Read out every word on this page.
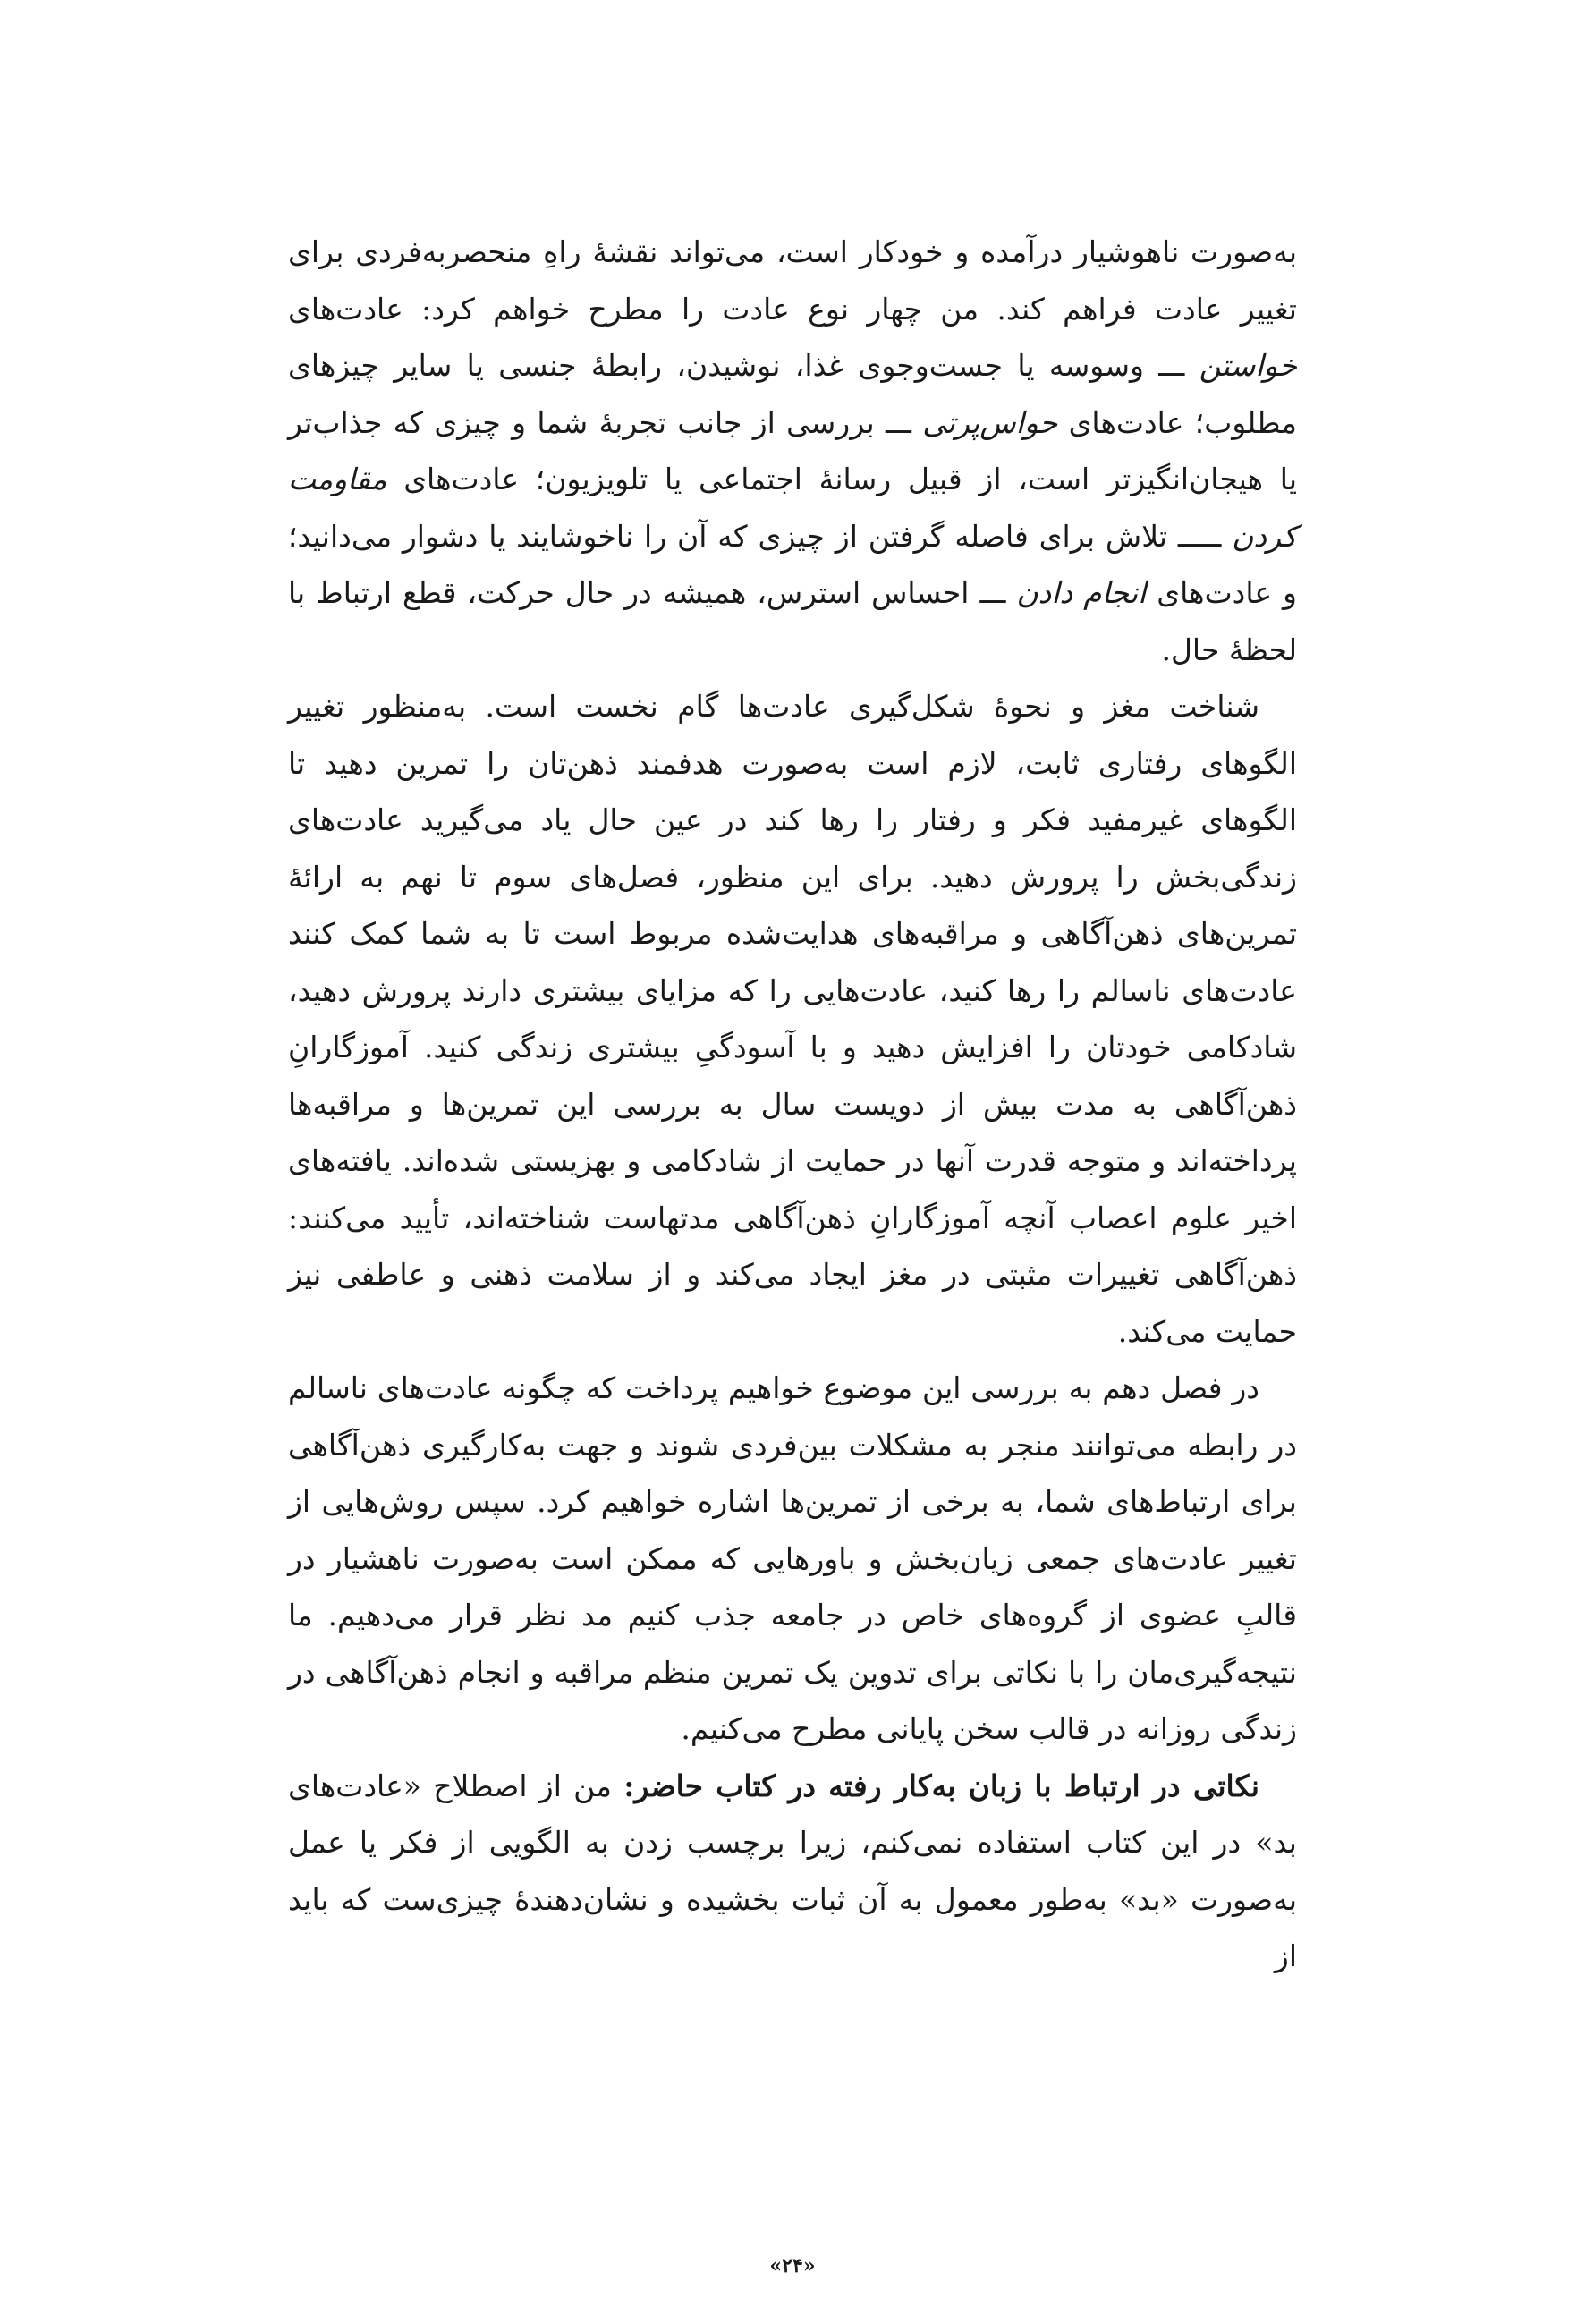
به‌صورت ناهوشیار درآمده و خودکار است، می‌تواند نقشهٔ راهِ منحصربه‌فردی برای تغییر عادت فراهم کند. من چهار نوع عادت را مطرح خواهم کرد: عادت‌های خواستن ـــ وسوسه یا جست‌وجوی غذا، نوشیدن، رابطهٔ جنسی یا سایر چیزهای مطلوب؛ عادت‌های حواس‌پرتی ـــ بررسی از جانب تجربهٔ شما و چیزی که جذاب‌تر یا هیجان‌انگیزتر است، از قبیل رسانهٔ اجتماعی یا تلویزیون؛ عادت‌های مقاومت کردن ـــــ تلاش برای فاصله گرفتن از چیزی که آن را ناخوشایند یا دشوار می‌دانید؛ و عادت‌های انجام دادن ـــ احساس استرس، همیشه در حال حرکت، قطع ارتباط با لحظهٔ حال.

شناخت مغز و نحوهٔ شکل‌گیری عادت‌ها گام نخست است. به‌منظور تغییر الگوهای رفتاری ثابت، لازم است به‌صورت هدفمند ذهن‌تان را تمرین دهید تا الگوهای غیرمفید فکر و رفتار را رها کند در عین حال یاد می‌گیرید عادت‌های زندگی‌بخش را پرورش دهید. برای این منظور، فصل‌های سوم تا نهم به ارائهٔ تمرین‌های ذهن‌آگاهی و مراقبه‌های هدایت‌شده مربوط است تا به شما کمک کنند عادت‌های ناسالم را رها کنید، عادت‌هایی را که مزایای بیشتری دارند پرورش دهید، شادکامی خودتان را افزایش دهید و با آسودگیِ بیشتری زندگی کنید. آموزگارانِ ذهن‌آگاهی به مدت بیش از دویست سال به بررسی این تمرین‌ها و مراقبه‌ها پرداخته‌اند و متوجه قدرت آنها در حمایت از شادکامی و بهزیستی شده‌اند. یافته‌های اخیر علوم اعصاب آنچه آموزگارانِ ذهن‌آگاهی مدتهاست شناخته‌اند، تأیید می‌کنند: ذهن‌آگاهی تغییرات مثبتی در مغز ایجاد می‌کند و از سلامت ذهنی و عاطفی نیز حمایت می‌کند.

در فصل دهم به بررسی این موضوع خواهیم پرداخت که چگونه عادت‌های ناسالم در رابطه می‌توانند منجر به مشکلات بین‌فردی شوند و جهت به‌کارگیری ذهن‌آگاهی برای ارتباط‌های شما، به برخی از تمرین‌ها اشاره خواهیم کرد. سپس روش‌هایی از تغییر عادت‌های جمعی زیان‌بخش و باورهایی که ممکن است به‌صورت ناهشیار در قالبِ عضوی از گروه‌های خاص در جامعه جذب کنیم مد نظر قرار می‌دهیم. ما نتیجه‌گیری‌مان را با نکاتی برای تدوین یک تمرین منظم مراقبه و انجام ذهن‌آگاهی در زندگی روزانه در قالب سخن پایانی مطرح می‌کنیم.

نکاتی در ارتباط با زبان به‌کار رفته در کتاب حاضر: من از اصطلاح «عادت‌های بد» در این کتاب استفاده نمی‌کنم، زیرا برچسب زدن به الگویی از فکر یا عمل به‌صورت «بد» به‌طور معمول به آن ثبات بخشیده و نشان‌دهندهٔ چیزی‌ست که باید از

«۲۴»
